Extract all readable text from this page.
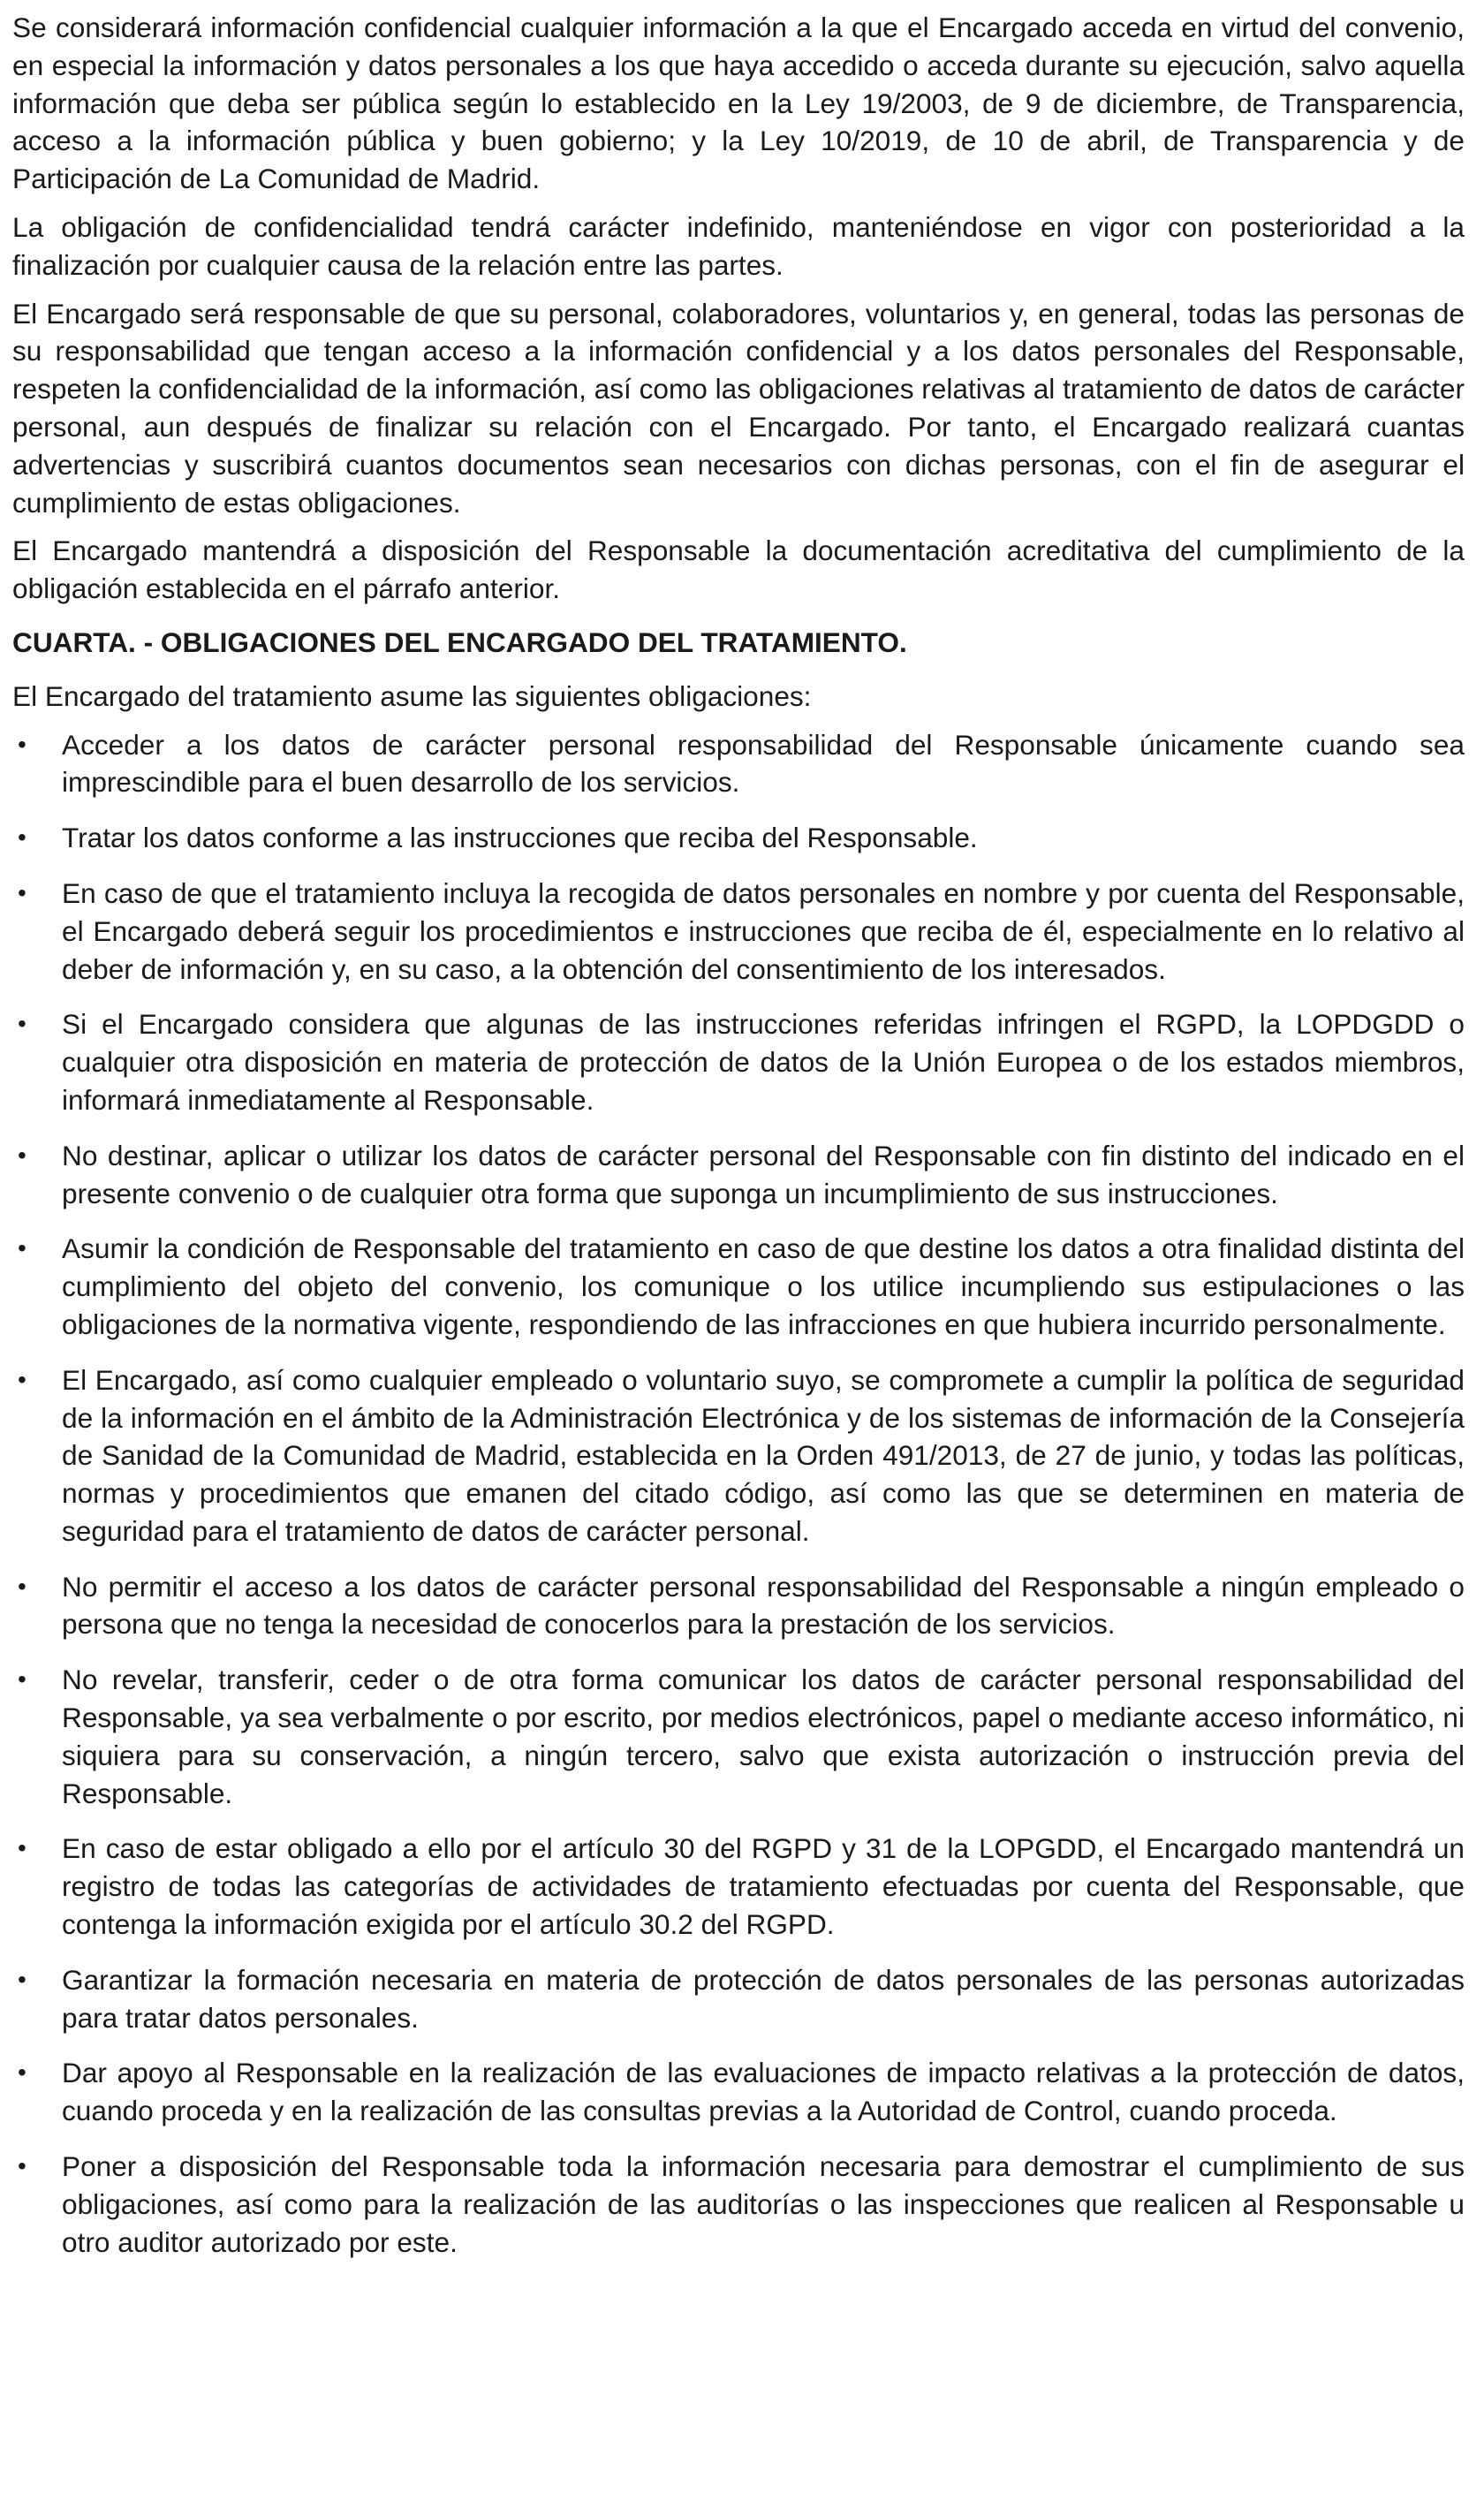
Se considerará información confidencial cualquier información a la que el Encargado acceda en virtud del convenio, en especial la información y datos personales a los que haya accedido o acceda durante su ejecución, salvo aquella información que deba ser pública según lo establecido en la Ley 19/2003, de 9 de diciembre, de Transparencia, acceso a la información pública y buen gobierno; y la Ley 10/2019, de 10 de abril, de Transparencia y de Participación de La Comunidad de Madrid.

La obligación de confidencialidad tendrá carácter indefinido, manteniéndose en vigor con posterioridad a la finalización por cualquier causa de la relación entre las partes.

El Encargado será responsable de que su personal, colaboradores, voluntarios y, en general, todas las personas de su responsabilidad que tengan acceso a la información confidencial y a los datos personales del Responsable, respeten la confidencialidad de la información, así como las obligaciones relativas al tratamiento de datos de carácter personal, aun después de finalizar su relación con el Encargado. Por tanto, el Encargado realizará cuantas advertencias y suscribirá cuantos documentos sean necesarios con dichas personas, con el fin de asegurar el cumplimiento de estas obligaciones.

El Encargado mantendrá a disposición del Responsable la documentación acreditativa del cumplimiento de la obligación establecida en el párrafo anterior.

CUARTA. - OBLIGACIONES DEL ENCARGADO DEL TRATAMIENTO.

El Encargado del tratamiento asume las siguientes obligaciones:

•	Acceder a los datos de carácter personal responsabilidad del Responsable únicamente cuando sea imprescindible para el buen desarrollo de los servicios.
•	Tratar los datos conforme a las instrucciones que reciba del Responsable.
•	En caso de que el tratamiento incluya la recogida de datos personales en nombre y por cuenta del Responsable, el Encargado deberá seguir los procedimientos e instrucciones que reciba de él, especialmente en lo relativo al deber de información y, en su caso, a la obtención del consentimiento de los interesados.
•	Si el Encargado considera que algunas de las instrucciones referidas infringen el RGPD, la LOPDGDD o cualquier otra disposición en materia de protección de datos de la Unión Europea o de los estados miembros, informará inmediatamente al Responsable.
•	No destinar, aplicar o utilizar los datos de carácter personal del Responsable con fin distinto del indicado en el presente convenio o de cualquier otra forma que suponga un incumplimiento de sus instrucciones.
•	Asumir la condición de Responsable del tratamiento en caso de que destine los datos a otra finalidad distinta del cumplimiento del objeto del convenio, los comunique o los utilice incumpliendo sus estipulaciones o las obligaciones de la normativa vigente, respondiendo de las infracciones en que hubiera incurrido personalmente.
•	El Encargado, así como cualquier empleado o voluntario suyo, se compromete a cumplir la política de seguridad de la información en el ámbito de la Administración Electrónica y de los sistemas de información de la Consejería de Sanidad de la Comunidad de Madrid, establecida en la Orden 491/2013, de 27 de junio, y todas las políticas, normas y procedimientos que emanen del citado código, así como las que se determinen en materia de seguridad para el tratamiento de datos de carácter personal.
•	No permitir el acceso a los datos de carácter personal responsabilidad del Responsable a ningún empleado o persona que no tenga la necesidad de conocerlos para la prestación de los servicios.
•	No revelar, transferir, ceder o de otra forma comunicar los datos de carácter personal responsabilidad del Responsable, ya sea verbalmente o por escrito, por medios electrónicos, papel o mediante acceso informático, ni siquiera para su conservación, a ningún tercero, salvo que exista autorización o instrucción previa del Responsable.
•	En caso de estar obligado a ello por el artículo 30 del RGPD y 31 de la LOPGDD, el Encargado mantendrá un registro de todas las categorías de actividades de tratamiento efectuadas por cuenta del Responsable, que contenga la información exigida por el artículo 30.2 del RGPD.
•	Garantizar la formación necesaria en materia de protección de datos personales de las personas autorizadas para tratar datos personales.
•	Dar apoyo al Responsable en la realización de las evaluaciones de impacto relativas a la protección de datos, cuando proceda y en la realización de las consultas previas a la Autoridad de Control, cuando proceda.
•	Poner a disposición del Responsable toda la información necesaria para demostrar el cumplimiento de sus obligaciones, así como para la realización de las auditorías o las inspecciones que realicen al Responsable u otro auditor autorizado por este.
